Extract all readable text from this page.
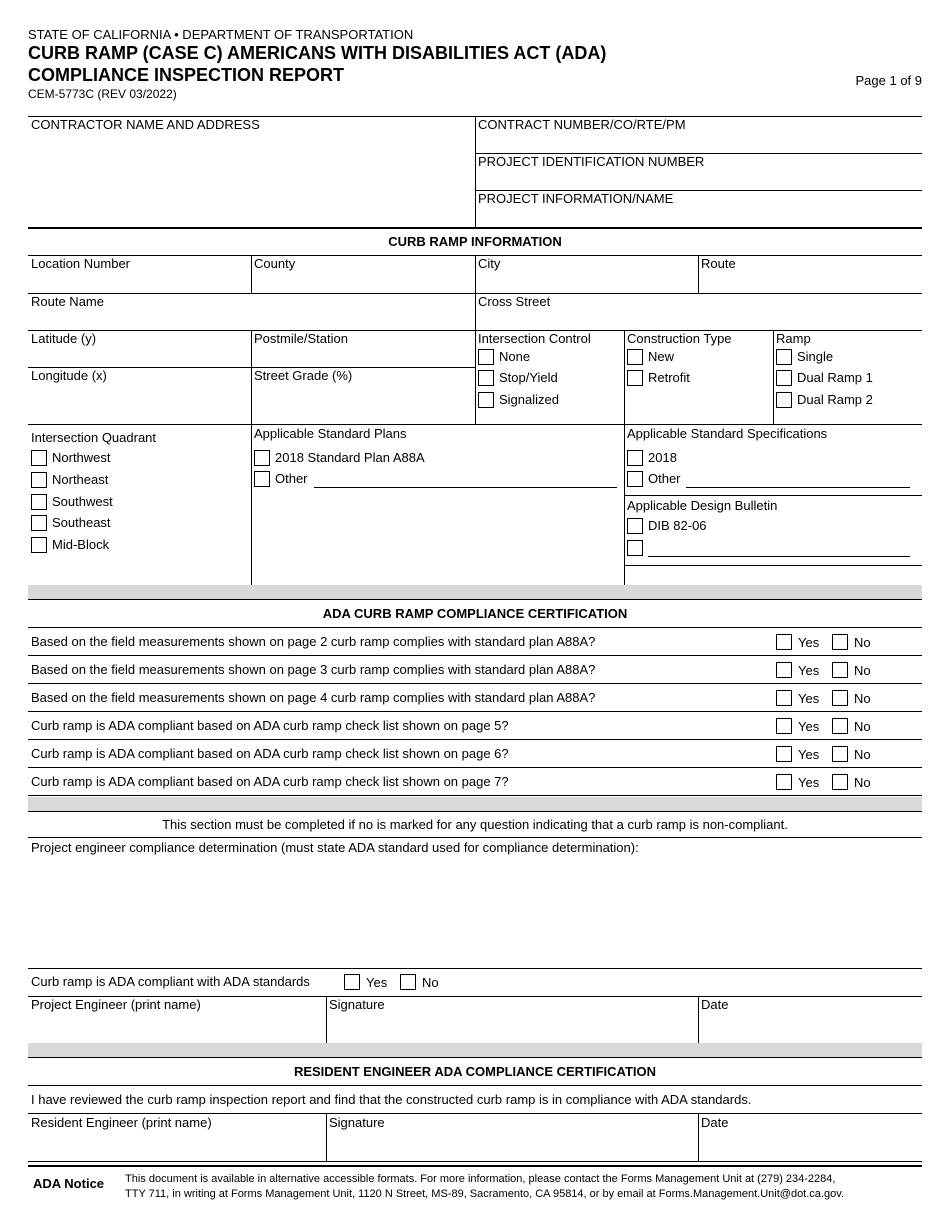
STATE OF CALIFORNIA • DEPARTMENT OF TRANSPORTATION
CURB RAMP (CASE C) AMERICANS WITH DISABILITIES ACT (ADA)
COMPLIANCE INSPECTION REPORT
CEM-5773C (REV 03/2022)
Page 1 of 9
CONTRACTOR NAME AND ADDRESS	CONTRACT NUMBER/CO/RTE/PM
PROJECT IDENTIFICATION NUMBER
PROJECT INFORMATION/NAME
CURB RAMP INFORMATION
Location Number	County	City	Route
Route Name	Cross Street
Latitude (y)	Postmile/Station
Longitude (x)	Street Grade (%)
Intersection Control
None
Stop/Yield
Signalized
Construction Type
New
Retrofit
Ramp
Single
Dual Ramp 1
Dual Ramp 2
Intersection Quadrant
Northwest
Northeast
Southwest
Southeast
Mid-Block
Applicable Standard Plans
2018 Standard Plan A88A
Other
Applicable Standard Specifications
2018
Other
Applicable Design Bulletin
DIB 82-06
ADA CURB RAMP COMPLIANCE CERTIFICATION
Based on the field measurements shown on page 2 curb ramp complies with standard plan A88A?	Yes	No
Based on the field measurements shown on page 3 curb ramp complies with standard plan A88A?	Yes	No
Based on the field measurements shown on page 4 curb ramp complies with standard plan A88A?	Yes	No
Curb ramp is ADA compliant based on ADA curb ramp check list shown on page 5?	Yes	No
Curb ramp is ADA compliant based on ADA curb ramp check list shown on page 6?	Yes	No
Curb ramp is ADA compliant based on ADA curb ramp check list shown on page 7?	Yes	No
This section must be completed if no is marked for any question indicating that a curb ramp is non-compliant.
Project engineer compliance determination (must state ADA standard used for compliance determination):
Curb ramp is ADA compliant with ADA standards	Yes	No
Project Engineer (print name)	Signature	Date
RESIDENT ENGINEER ADA COMPLIANCE CERTIFICATION
I have reviewed the curb ramp inspection report and find that the constructed curb ramp is in compliance with ADA standards.
Resident Engineer (print name)	Signature	Date
ADA Notice This document is available in alternative accessible formats. For more information, please contact the Forms Management Unit at (279) 234-2284,
TTY 711, in writing at Forms Management Unit, 1120 N Street, MS-89, Sacramento, CA 95814, or by email at Forms.Management.Unit@dot.ca.gov.
